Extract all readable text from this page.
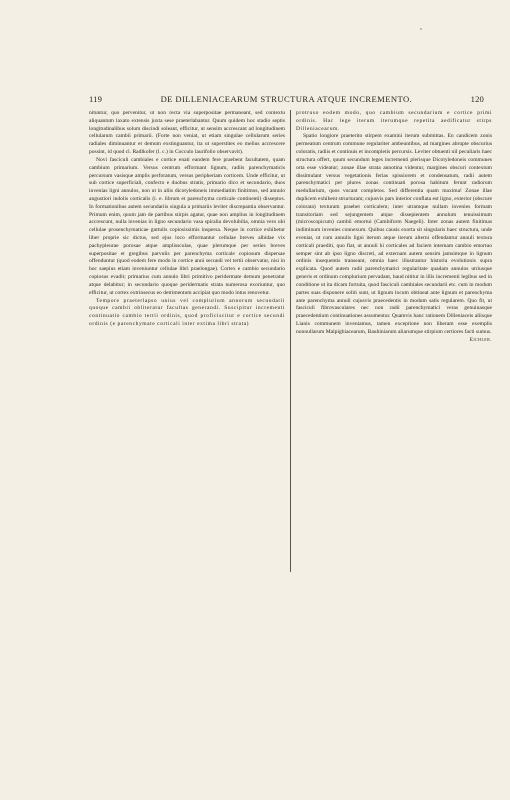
119	DE DILLENIACEARUM STRUCTURA ATQUE INCREMENTO.	120

nituntur, quo pervenitur, ut non recta via superpositae permaneant, sed contextu aliquantum laxato extensis juxta sese praeterlabantur. Quum quidem hoc stadio septis longitudinalibus solum discindi soleant, efficitur, ut sensim accrescant ad longitudinem cellularum cambii primarii. (Forte non veniat, ut etiam singulae cellularum series radiales diminuantur et demum exstinguantur, ita ut superstites eo melius accrescere possint, id quod cl. Radlkofer (l. c.) in Cocculo laurifolio observavit).

Novi fasciculi cambiales e cortice enati eandem fere praebent facultatem, quam cambium primarium. Versus centrum efformant lignum, radiis parenchymaticis percursum vasisque amplis perforatum, versus peripheriam corticem. Unde efficitur, ut sub cortice superficiali, confecto e duobus stratis, primario dico et secundario, duos invenias ligni annulos, non ut in aliis dicotyledoneis immediatim finitimos, sed annulo angustiori indolis corticalis (i. e. librum et parenchyma corticale continenti) disseptos. In formationibus autem secundariis singula a primariis leviter discrepantia observantur. Primum enim, quum jam de partibus stirpis agatur, quae non amplius in longitudinem accrescunt, nulla invenias in ligno secundario vasa spiralia devolubilia, omnia vero ubi cellulae prosenchymaticae guttulis copiosissimis inspersa. Neque in cortice exhibetur liber proprie sic dictus, sed ejus loco efformantur cellulae breves albidae vix pachypleurae porosae atque amplissculae, quae plerumque per series breves superpositae et gregibus parvulis per parenchyma corticale copiosum dispersae offenduntur (quod eodem fere modo in cortice anni secundi vel tertii observatur, nisi in hoc saepius etiam inveniuntur cellulae libri praelongae). Cortex e cambio secundario copiosus evadit; primarius cum annulo libri primitivo peridermate demum penetratur atque delabitur; in secundario quoque peridermatis strata numerosa exoriuntur, quo efficitur, ut cortex extrinsecus eo detrimentum accipiat quo modo intus renovetur.

Tempore praeterlapso unius vel complurium annorum secundarii quoque cambii obliteratur facultas generandi. Suscipitur incrementi continuatio cambio tertii ordinis, quod proficiscitur e cortice secundi ordinis (e parenchymate corticali inter extima libri strata)

protruso eodem modo, quo cambium secundarium e cortice primi ordinis. Hac lege iterum iterumque repetita aedificatur stirps Dilleniacearum.

Spatio longiore praeterito stirpem examini iterum submittas. En candicem zonis permeatum centrum commune regulariter ambeuntibus, ad margines abrupte obscurius coloratis, radiis et continuis et incompletis percursis. Leviter obtuenti nil peculiaris haec structura offert, quum secundum leges incrementi plerisque Dicotyledoneis communes orta esse videatur; zonae illae strata annotina videntur, margines obscuri contextum dissimulant versus vegetationis ferias spissiorem et condensatum, radii autem parenchymatici per plures zonas continuati porosa habitum ferunt radiorum medullarium, quos vocant completos. Sed differentia quam maxima! Zonae illae duplicem exhibent structuram; cujusvis pars interior conflata est ligno, exterior (obscure colorata) texturam praebet corticalem; inter utramque nullam invenies formam transitoriam sed sejungentem atque dissepientem annulum tenuissimum (microscopicum) cambii emortui (Cambiform Naegeli). Inter zonas autem finitimas indiminum invenies connexum. Quibus causis exorta sit singularis haec structura, unde eveniat, ut cum annulis ligni iterum atque iterum alterni offendantur annuli textura corticali praediti, quo fiat, ut annuli hi corticales ad faciem internam cambio emortuo semper sint ab ipso ligno discreti, ad externam autem sensim jamsimque in lignum ordinis insequentis transeant, omnia haec illustrantur historia evolutionis supra explicata. Quod autem radii parenchymatici regularitate quadam annulos utriusque generis et ordinum complurium pervadant, haud nititur in illis incrementi legibus sed in conditione ut ita dicam fortuita, quod fasciculi cambiales secundarii etc. cum in modum partes suas disponere soliti sunt, ut lignum locum obtineat ante lignum et parenchyma ante parenchyma annuli cujusvis praecedentis in modum satis regularem. Quo fit, ut fasciculi fibrovasculares nec non radii parenchymatici veras genuinasque praecedentium continuationes assumentur. Quamvis hanc rationem Dilleniaceis aliisque Lianis communem inveniamus, tamen exceptione non liberam esse exemplis nonnullarum Malpighiacearum, Bauhiniarum aliarumque stirpium certiores facti sumus.

Eichler.
